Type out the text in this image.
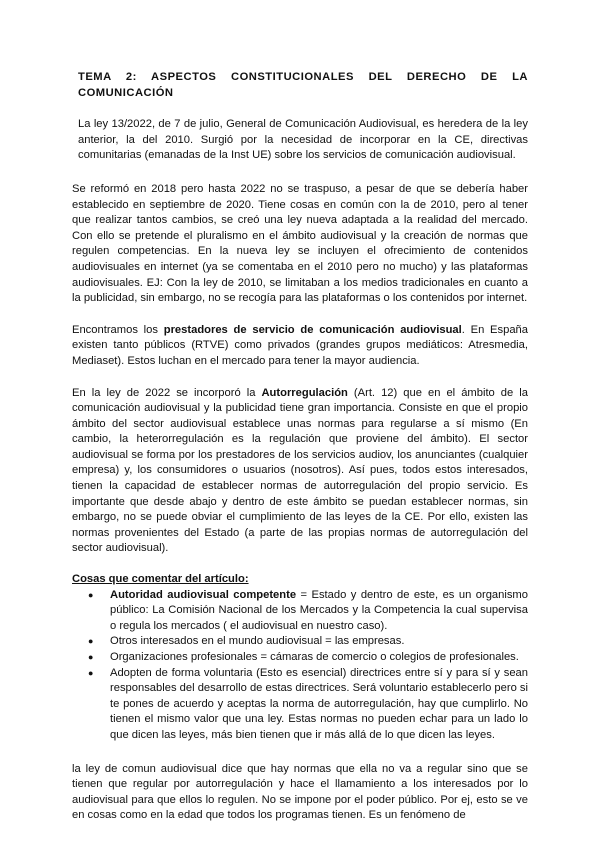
TEMA 2: ASPECTOS CONSTITUCIONALES DEL DERECHO DE LA COMUNICACIÓN

La ley 13/2022, de 7 de julio, General de Comunicación Audiovisual, es heredera de la ley anterior, la del 2010. Surgió por la necesidad de incorporar en la CE, directivas comunitarias (emanadas de la Inst UE) sobre los servicios de comunicación audiovisual.

Se reformó en 2018 pero hasta 2022 no se traspuso, a pesar de que se debería haber establecido en septiembre de 2020. Tiene cosas en común con la de 2010, pero al tener que realizar tantos cambios, se creó una ley nueva adaptada a la realidad del mercado. Con ello se pretende el pluralismo en el ámbito audiovisual y la creación de normas que regulen competencias. En la nueva ley se incluyen el ofrecimiento de contenidos audiovisuales en internet (ya se comentaba en el 2010 pero no mucho) y las plataformas audiovisuales. EJ: Con la ley de 2010, se limitaban a los medios tradicionales en cuanto a la publicidad, sin embargo, no se recogía para las plataformas o los contenidos por internet.

Encontramos los prestadores de servicio de comunicación audiovisual. En España existen tanto públicos (RTVE) como privados (grandes grupos mediáticos: Atresmedia, Mediaset). Estos luchan en el mercado para tener la mayor audiencia.

En la ley de 2022 se incorporó la Autorregulación (Art. 12) que en el ámbito de la comunicación audiovisual y la publicidad tiene gran importancia. Consiste en que el propio ámbito del sector audiovisual establece unas normas para regularse a sí mismo (En cambio, la heterorregulación es la regulación que proviene del ámbito). El sector audiovisual se forma por los prestadores de los servicios audiov, los anunciantes (cualquier empresa) y, los consumidores o usuarios (nosotros). Así pues, todos estos interesados, tienen la capacidad de establecer normas de autorregulación del propio servicio. Es importante que desde abajo y dentro de este ámbito se puedan establecer normas, sin embargo, no se puede obviar el cumplimiento de las leyes de la CE. Por ello, existen las normas provenientes del Estado (a parte de las propias normas de autorregulación del sector audiovisual).

Cosas que comentar del artículo:
● Autoridad audiovisual competente = Estado y dentro de este, es un organismo público: La Comisión Nacional de los Mercados y la Competencia la cual supervisa o regula los mercados ( el audiovisual en nuestro caso).
● Otros interesados en el mundo audiovisual = las empresas.
● Organizaciones profesionales = cámaras de comercio o colegios de profesionales.
● Adopten de forma voluntaria (Esto es esencial) directrices entre sí y para sí y sean responsables del desarrollo de estas directrices. Será voluntario establecerlo pero si te pones de acuerdo y aceptas la norma de autorregulación, hay que cumplirlo. No tienen el mismo valor que una ley. Estas normas no pueden echar para un lado lo que dicen las leyes, más bien tienen que ir más allá de lo que dicen las leyes.

la ley de comun audiovisual dice que hay normas que ella no va a regular sino que se tienen que regular por autorregulación y hace el llamamiento a los interesados por lo audiovisual para que ellos lo regulen. No se impone por el poder público. Por ej, esto se ve en cosas como en la edad que todos los programas tienen. Es un fenómeno de
